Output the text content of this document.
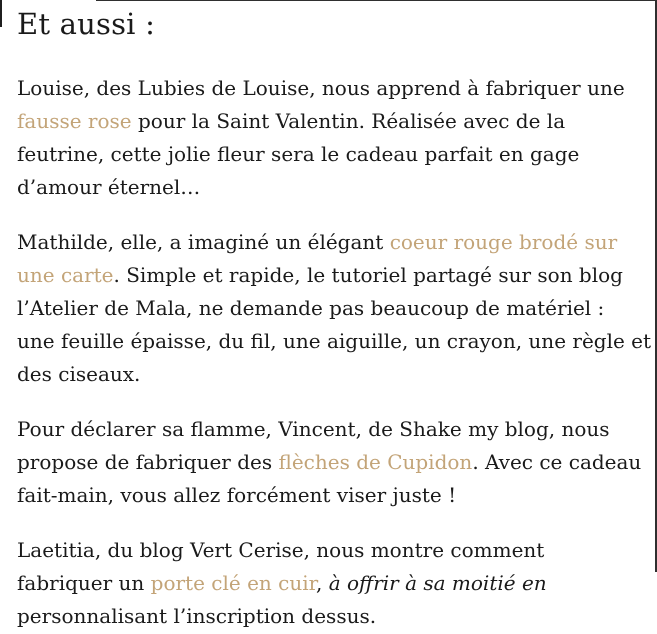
Et aussi :

Louise, des Lubies de Louise, nous apprend à fabriquer une
fausse rose pour la Saint Valentin. Réalisée avec de la
feutrine, cette jolie fleur sera le cadeau parfait en gage
d’amour éternel…

Mathilde, elle, a imaginé un élégant coeur rouge brodé sur
une carte. Simple et rapide, le tutoriel partagé sur son blog
l’Atelier de Mala, ne demande pas beaucoup de matériel :
une feuille épaisse, du fil, une aiguille, un crayon, une règle et
des ciseaux.

Pour déclarer sa flamme, Vincent, de Shake my blog, nous
propose de fabriquer des flèches de Cupidon. Avec ce cadeau
fait-main, vous allez forcément viser juste !

Laetitia, du blog Vert Cerise, nous montre comment
fabriquer un porte clé en cuir, à offrir à sa moitié en
personnalisant l’inscription dessus.
